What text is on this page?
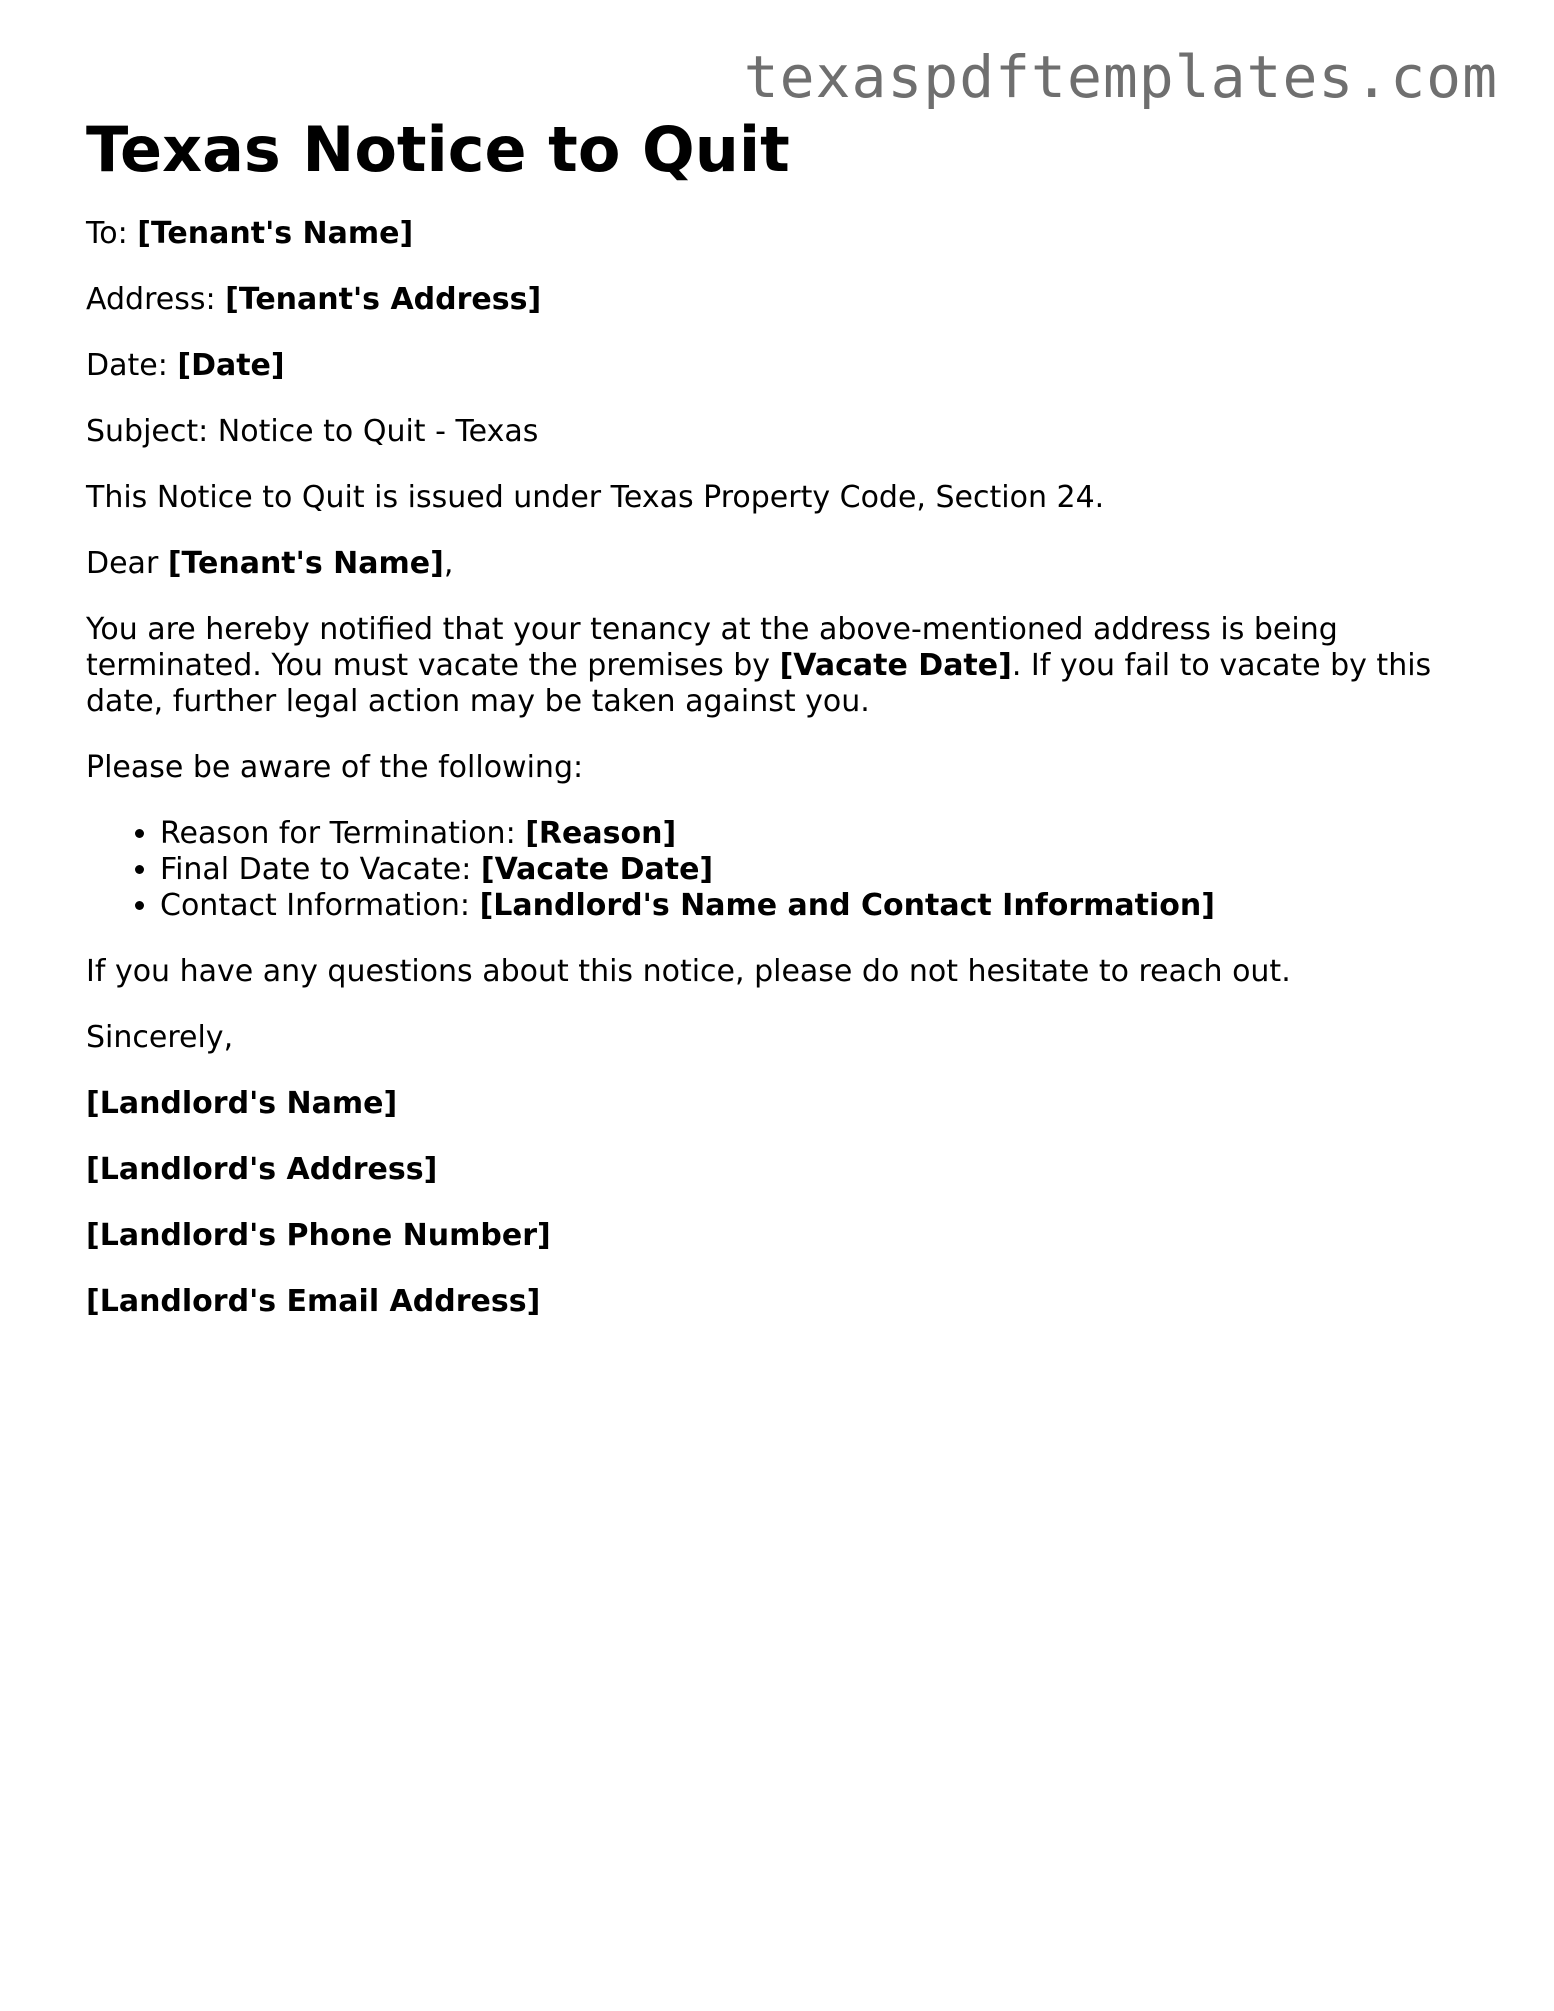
texaspdftemplates.com
Texas Notice to Quit

To: [Tenant's Name]

Address: [Tenant's Address]

Date: [Date]

Subject: Notice to Quit - Texas

This Notice to Quit is issued under Texas Property Code, Section 24.

Dear [Tenant's Name],

You are hereby notified that your tenancy at the above-mentioned address is being terminated. You must vacate the premises by [Vacate Date]. If you fail to vacate by this date, further legal action may be taken against you.

Please be aware of the following:

• Reason for Termination: [Reason]
• Final Date to Vacate: [Vacate Date]
• Contact Information: [Landlord's Name and Contact Information]

If you have any questions about this notice, please do not hesitate to reach out.

Sincerely,

[Landlord's Name]

[Landlord's Address]

[Landlord's Phone Number]

[Landlord's Email Address]
